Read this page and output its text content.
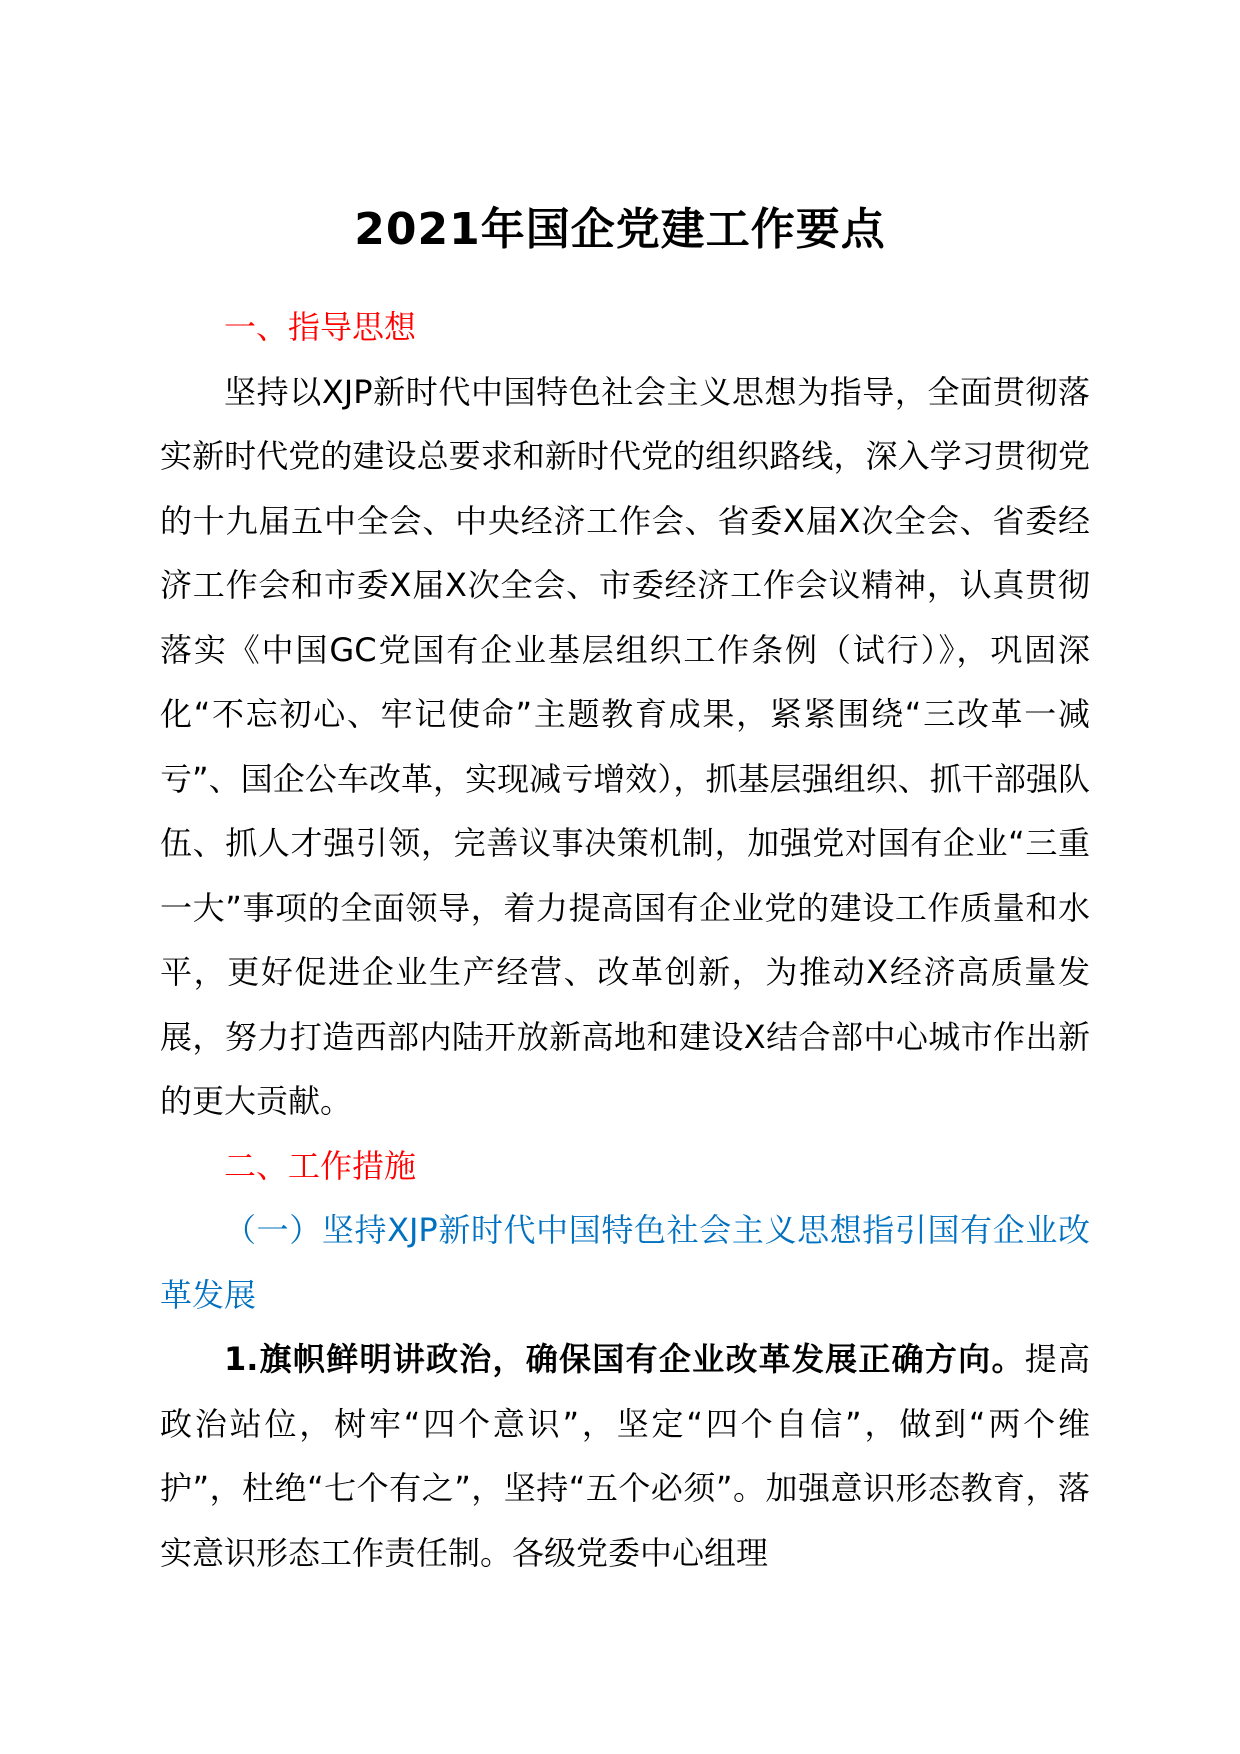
2021年国企党建工作要点

一、指导思想

坚持以XJP新时代中国特色社会主义思想为指导，全面贯彻落实新时代党的建设总要求和新时代党的组织路线，深入学习贯彻党的十九届五中全会、中央经济工作会、省委X届X次全会、省委经济工作会和市委X届X次全会、市委经济工作会议精神，认真贯彻落实《中国GC党国有企业基层组织工作条例（试行）》，巩固深化“不忘初心、牢记使命”主题教育成果，紧紧围绕“三改革一减亏”、国企公车改革，实现减亏增效），抓基层强组织、抓干部强队伍、抓人才强引领，完善议事决策机制，加强党对国有企业“三重一大”事项的全面领导，着力提高国有企业党的建设工作质量和水平，更好促进企业生产经营、改革创新，为推动X经济高质量发展，努力打造西部内陆开放新高地和建设X结合部中心城市作出新的更大贡献。

二、工作措施

（一）坚持XJP新时代中国特色社会主义思想指引国有企业改革发展

1.旗帜鲜明讲政治，确保国有企业改革发展正确方向。提高政治站位，树牢“四个意识”，坚定“四个自信”，做到“两个维护”，杜绝“七个有之”，坚持“五个必须”。加强意识形态教育，落实意识形态工作责任制。各级党委中心组理
